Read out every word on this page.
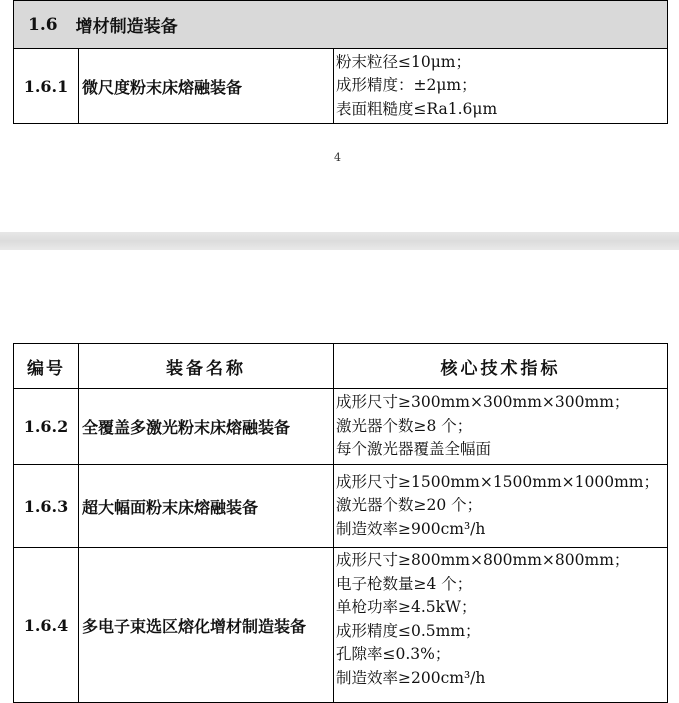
1.6 增材制造装备
1.6.1 微尺度粉末床熔融装备
粉末粒径≤10μm；
成形精度：±2μm；
表面粗糙度≤Ra1.6μm
4
编号	装备名称	核心技术指标
1.6.2 全覆盖多激光粉末床熔融装备
成形尺寸≥300mm×300mm×300mm；
激光器个数≥8 个；
每个激光器覆盖全幅面
1.6.3 超大幅面粉末床熔融装备
成形尺寸≥1500mm×1500mm×1000mm；
激光器个数≥20 个；
制造效率≥900cm³/h
1.6.4 多电子束选区熔化增材制造装备
成形尺寸≥800mm×800mm×800mm；
电子枪数量≥4 个；
单枪功率≥4.5kW；
成形精度≤0.5mm；
孔隙率≤0.3%；
制造效率≥200cm³/h
